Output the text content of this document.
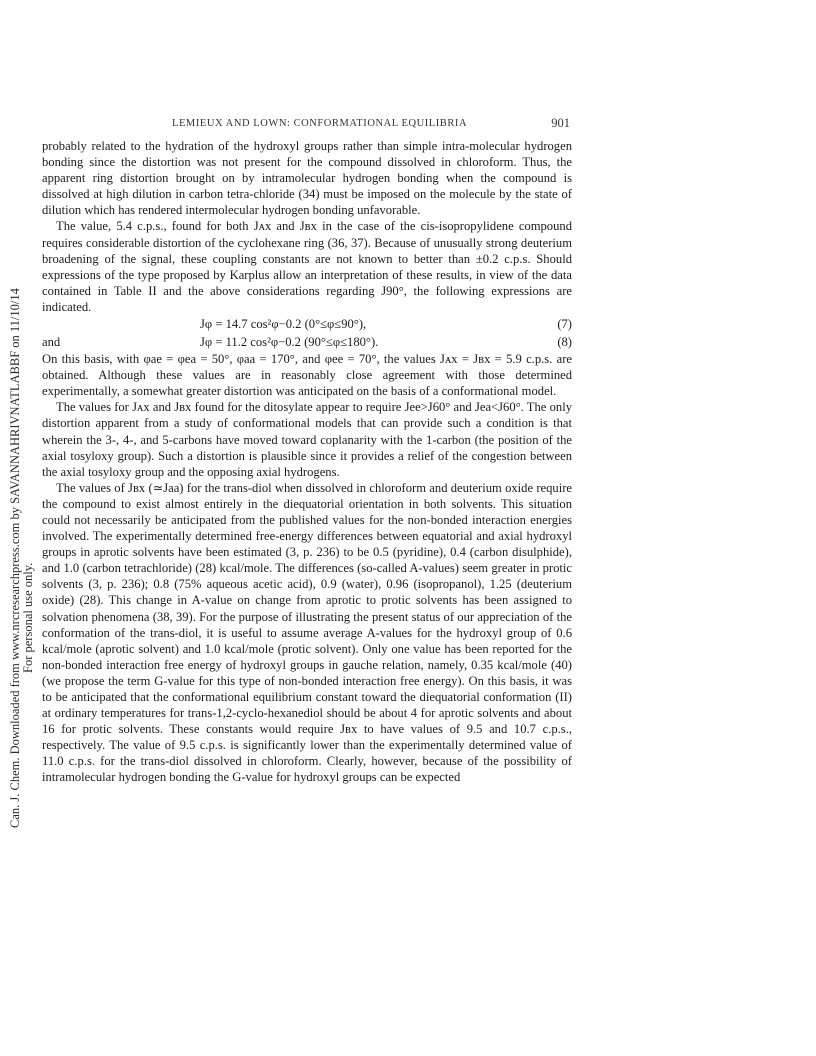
Can. J. Chem. Downloaded from www.nrcresearchpress.com by SAVANNAHRIVNATLABBF on 11/10/14 For personal use only.
LEMIEUX AND LOWN: CONFORMATIONAL EQUILIBRIA	901

probably related to the hydration of the hydroxyl groups rather than simple intra-molecular hydrogen bonding since the distortion was not present for the compound dissolved in chloroform. Thus, the apparent ring distortion brought on by intramolecular hydrogen bonding when the compound is dissolved at high dilution in carbon tetra-chloride (34) must be imposed on the molecule by the state of dilution which has rendered intermolecular hydrogen bonding unfavorable.

The value, 5.4 c.p.s., found for both Jᴀx and Jʙx in the case of the cis-isopropylidene compound requires considerable distortion of the cyclohexane ring (36, 37). Because of unusually strong deuterium broadening of the signal, these coupling constants are not known to better than ±0.2 c.p.s. Should expressions of the type proposed by Karplus allow an interpretation of these results, in view of the data contained in Table II and the above considerations regarding J90°, the following expressions are indicated.

Jφ = 14.7 cos²φ−0.2 (0°≤φ≤90°),	(7)
and	Jφ = 11.2 cos²φ−0.2 (90°≤φ≤180°).	(8)

On this basis, with φae = φea = 50°, φaa = 170°, and φee = 70°, the values Jᴀx = Jʙx = 5.9 c.p.s. are obtained. Although these values are in reasonably close agreement with those determined experimentally, a somewhat greater distortion was anticipated on the basis of a conformational model.

The values for Jᴀx and Jʙx found for the ditosylate appear to require Jee>J60° and Jea<J60°. The only distortion apparent from a study of conformational models that can provide such a condition is that wherein the 3-, 4-, and 5-carbons have moved toward coplanarity with the 1-carbon (the position of the axial tosyloxy group). Such a distortion is plausible since it provides a relief of the congestion between the axial tosyloxy group and the opposing axial hydrogens.

The values of Jʙx (≃Jaa) for the trans-diol when dissolved in chloroform and deuterium oxide require the compound to exist almost entirely in the diequatorial orientation in both solvents. This situation could not necessarily be anticipated from the published values for the non-bonded interaction energies involved. The experimentally determined free-energy differences between equatorial and axial hydroxyl groups in aprotic solvents have been estimated (3, p. 236) to be 0.5 (pyridine), 0.4 (carbon disulphide), and 1.0 (carbon tetrachloride) (28) kcal/mole. The differences (so-called A-values) seem greater in protic solvents (3, p. 236); 0.8 (75% aqueous acetic acid), 0.9 (water), 0.96 (isopropanol), 1.25 (deuterium oxide) (28). This change in A-value on change from aprotic to protic solvents has been assigned to solvation phenomena (38, 39). For the purpose of illustrating the present status of our appreciation of the conformation of the trans-diol, it is useful to assume average A-values for the hydroxyl group of 0.6 kcal/mole (aprotic solvent) and 1.0 kcal/mole (protic solvent). Only one value has been reported for the non-bonded interaction free energy of hydroxyl groups in gauche relation, namely, 0.35 kcal/mole (40) (we propose the term G-value for this type of non-bonded interaction free energy). On this basis, it was to be anticipated that the conformational equilibrium constant toward the diequatorial conformation (II) at ordinary temperatures for trans-1,2-cyclo-hexanediol should be about 4 for aprotic solvents and about 16 for protic solvents. These constants would require Jʙx to have values of 9.5 and 10.7 c.p.s., respectively. The value of 9.5 c.p.s. is significantly lower than the experimentally determined value of 11.0 c.p.s. for the trans-diol dissolved in chloroform. Clearly, however, because of the possibility of intramolecular hydrogen bonding the G-value for hydroxyl groups can be expected
